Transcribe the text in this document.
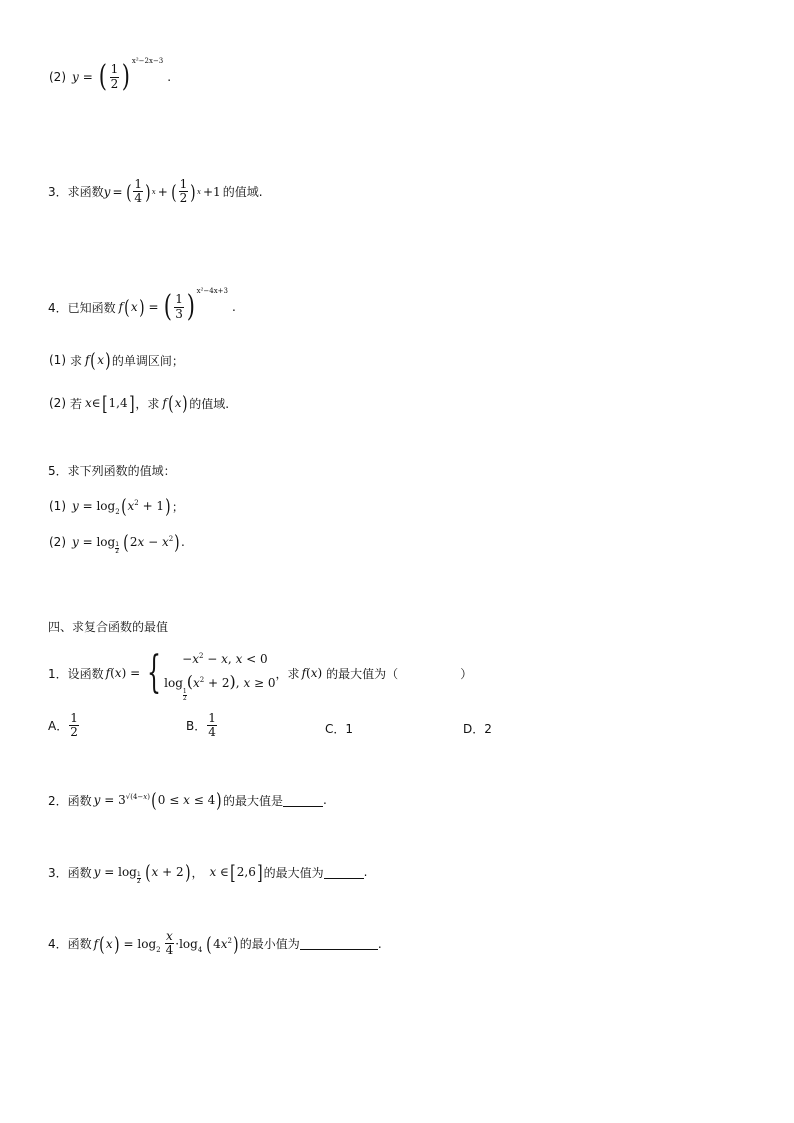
(2) y = ( $\frac{1}{2}$ ) x²−2x−3
.
3． 求函数 y = ( $\frac{1}{4}$ ) x + ( $\frac{1}{2}$ ) x +1 的值域.
4． 已知函数 f ( x ) = ( $\frac{1}{3}$ ) x²−4x+3
.
(1) 求 f ( x ) 的单调区间；
(2) 若 x∈ [ 1,4 ] ，求 f ( x ) 的值域.
5． 求下列函数的值域：
(1) $y = \log_2$ ( $x^2 + 1$ ) ；
(2) y = log 1
2 ( $2x - x^2$ ) .
四、求复合函数的最值
1． 设函数 f(x) = { $-x^2 - x$, x < 0
log
$\frac{1}{2}$
$(x^2 + 2)$, x ≥ 0
，求 f(x) 的最大值为（	）
A． $\frac{1}{2}$	B． $\frac{1}{4}$	C．1	D．2
2． 函数 $y = 3^{√(4-x)}$ ( 0 ≤ x ≤ 4 ) 的最大值是	.
3． 函数 y = log 1
2 ( x + 2 ) ， x ∈ [ 2,6 ] 的最大值为	.
4． 函数 f ( x ) = $\log_2 \frac{x}{4} \cdot\log_4$ ( $4x^2$ ) 的最小值为	.
